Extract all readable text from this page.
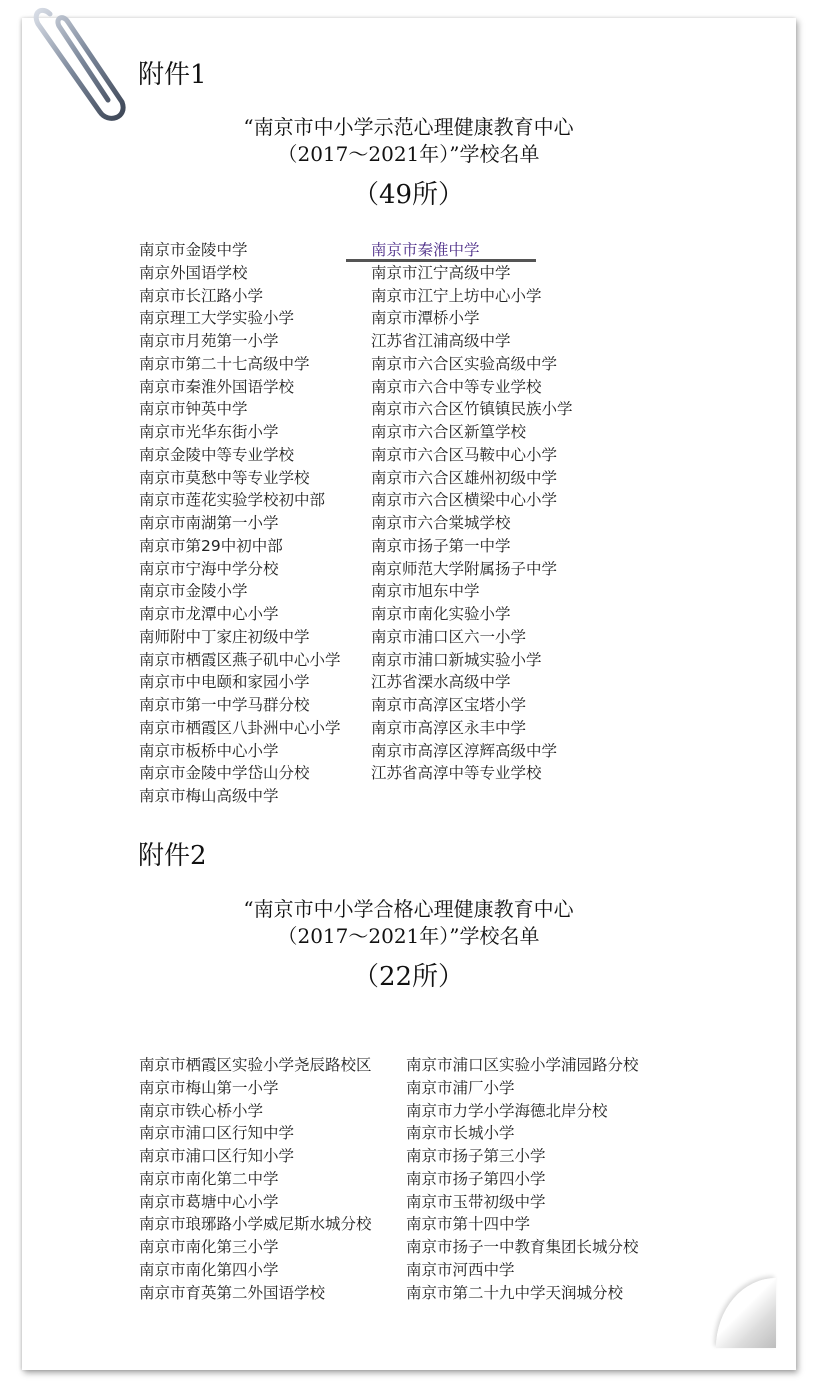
附件1
“南京市中小学示范心理健康教育中心
（2017～2021年）”学校名单
（49所）
南京市金陵中学
南京外国语学校
南京市长江路小学
南京理工大学实验小学
南京市月苑第一小学
南京市第二十七高级中学
南京市秦淮外国语学校
南京市钟英中学
南京市光华东街小学
南京金陵中等专业学校
南京市莫愁中等专业学校
南京市莲花实验学校初中部
南京市南湖第一小学
南京市第29中初中部
南京市宁海中学分校
南京市金陵小学
南京市龙潭中心小学
南师附中丁家庄初级中学
南京市栖霞区燕子矶中心小学
南京市中电颐和家园小学
南京市第一中学马群分校
南京市栖霞区八卦洲中心小学
南京市板桥中心小学
南京市金陵中学岱山分校
南京市梅山高级中学
南京市秦淮中学
南京市江宁高级中学
南京市江宁上坊中心小学
南京市潭桥小学
江苏省江浦高级中学
南京市六合区实验高级中学
南京市六合中等专业学校
南京市六合区竹镇镇民族小学
南京市六合区新篁学校
南京市六合区马鞍中心小学
南京市六合区雄州初级中学
南京市六合区横梁中心小学
南京市六合棠城学校
南京市扬子第一中学
南京师范大学附属扬子中学
南京市旭东中学
南京市南化实验小学
南京市浦口区六一小学
南京市浦口新城实验小学
江苏省溧水高级中学
南京市高淳区宝塔小学
南京市高淳区永丰中学
南京市高淳区淳辉高级中学
江苏省高淳中等专业学校
附件2
“南京市中小学合格心理健康教育中心
（2017～2021年）”学校名单
（22所）
南京市栖霞区实验小学尧辰路校区
南京市梅山第一小学
南京市铁心桥小学
南京市浦口区行知中学
南京市浦口区行知小学
南京市南化第二中学
南京市葛塘中心小学
南京市琅琊路小学威尼斯水城分校
南京市南化第三小学
南京市南化第四小学
南京市育英第二外国语学校
南京市浦口区实验小学浦园路分校
南京市浦厂小学
南京市力学小学海德北岸分校
南京市长城小学
南京市扬子第三小学
南京市扬子第四小学
南京市玉带初级中学
南京市第十四中学
南京市扬子一中教育集团长城分校
南京市河西中学
南京市第二十九中学天润城分校
